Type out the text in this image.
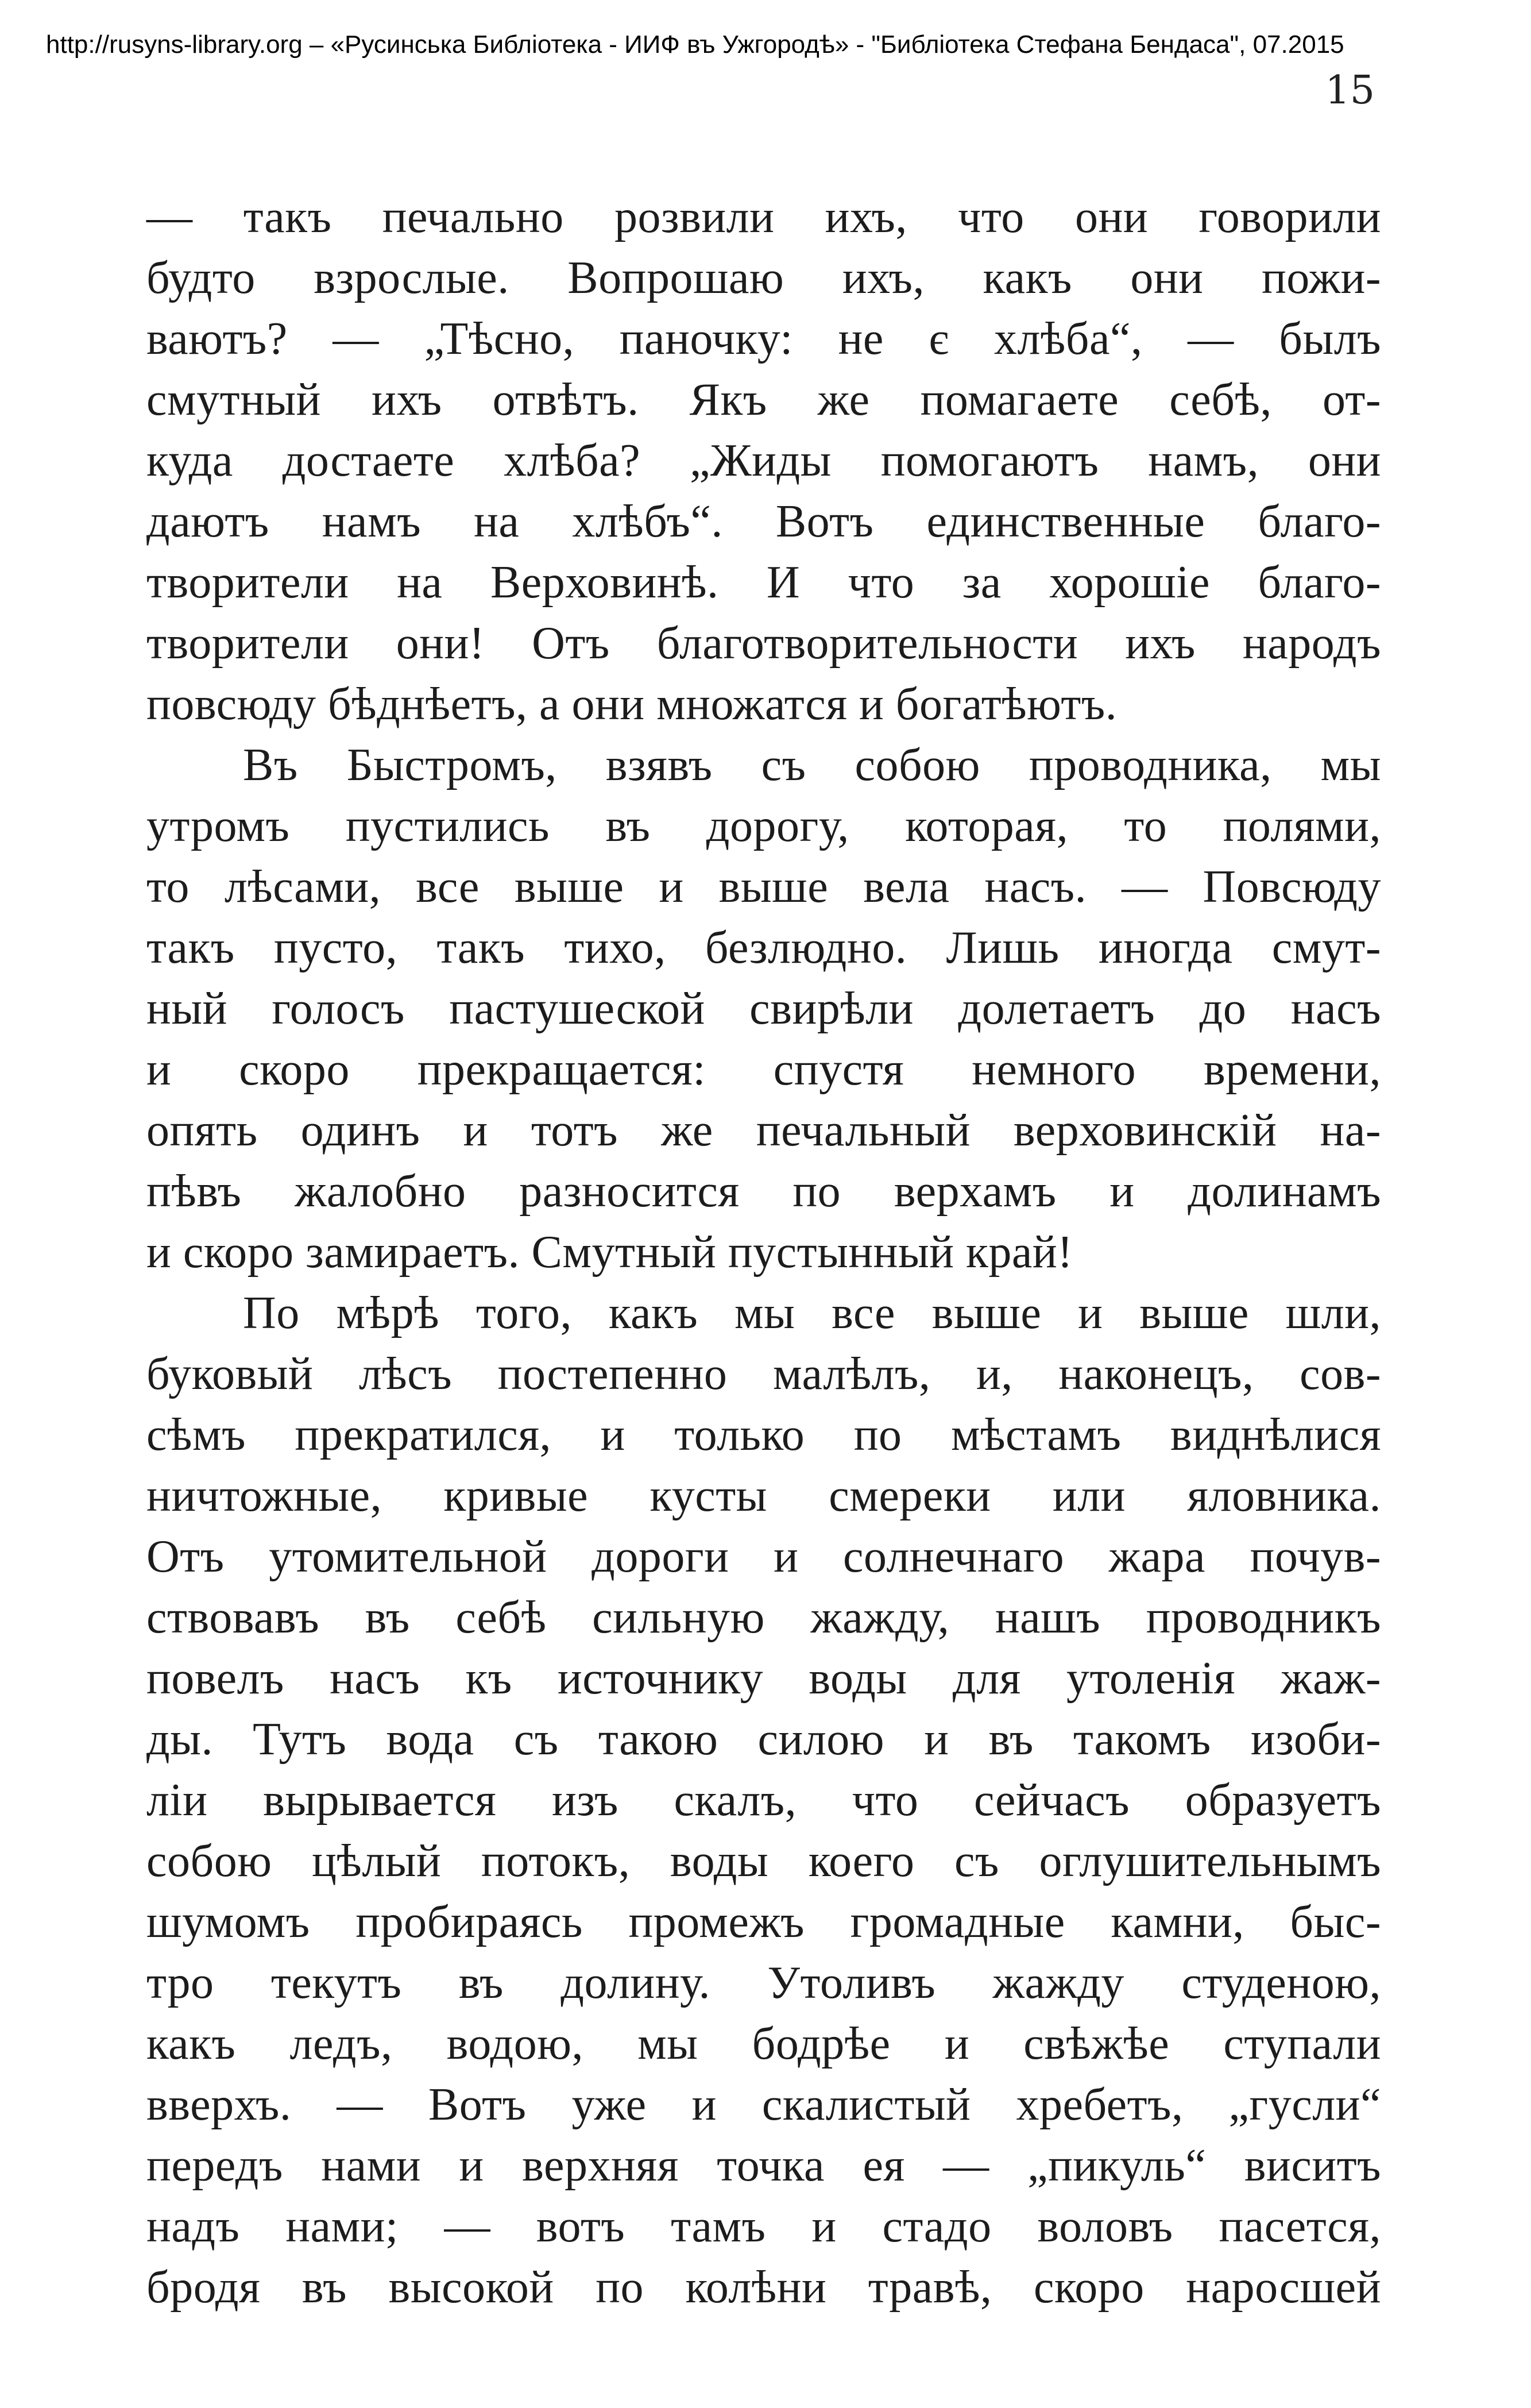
http://rusyns-library.org – «Русинська Библіотека - ИИФ въ Ужгородѣ» - "Библіотека Стефана Бендаса", 07.2015
15
— такъ печально розвили ихъ, что они говорили
будто взрослые. Вопрошаю ихъ, какъ они пожи-
ваютъ? — „Тѣсно, паночку: не є хлѣба“, — былъ
смутный ихъ отвѣтъ. Якъ же помагаете себѣ, от-
куда достаете хлѣба? „Жиды помогаютъ намъ, они
даютъ намъ на хлѣбъ“. Вотъ единственные благо-
творители на Верховинѣ. И что за хорошіе благо-
творители они! Отъ благотворительности ихъ народъ
повсюду бѣднѣетъ, а они множатся и богатѣютъ.
Въ Быстромъ, взявъ съ собою проводника, мы
утромъ пустились въ дорогу, которая, то полями,
то лѣсами, все выше и выше вела насъ. — Повсюду
такъ пусто, такъ тихо, безлюдно. Лишь иногда смут-
ный голосъ пастушеской свирѣли долетаетъ до насъ
и скоро прекращается: спустя немного времени,
опять одинъ и тотъ же печальный верховинскій на-
пѣвъ жалобно разносится по верхамъ и долинамъ
и скоро замираетъ. Смутный пустынный край!
По мѣрѣ того, какъ мы все выше и выше шли,
буковый лѣсъ постепенно малѣлъ, и, наконецъ, сов-
сѣмъ прекратился, и только по мѣстамъ виднѣлися
ничтожные, кривые кусты смереки или яловника.
Отъ утомительной дороги и солнечнаго жара почув-
ствовавъ въ себѣ сильную жажду, нашъ проводникъ
повелъ насъ къ источнику воды для утоленія жаж-
ды. Тутъ вода съ такою силою и въ такомъ изоби-
ліи вырывается изъ скалъ, что сейчасъ образуетъ
собою цѣлый потокъ, воды коего съ оглушительнымъ
шумомъ пробираясь промежъ громадные камни, быс-
тро текутъ въ долину. Утоливъ жажду студеною,
какъ ледъ, водою, мы бодрѣе и свѣжѣе ступали
вверхъ. — Вотъ уже и скалистый хребетъ, „гусли“
передъ нами и верхняя точка ея — „пикуль“ виситъ
надъ нами; — вотъ тамъ и стадо воловъ пасется,
бродя въ высокой по колѣни травѣ, скоро наросшей
